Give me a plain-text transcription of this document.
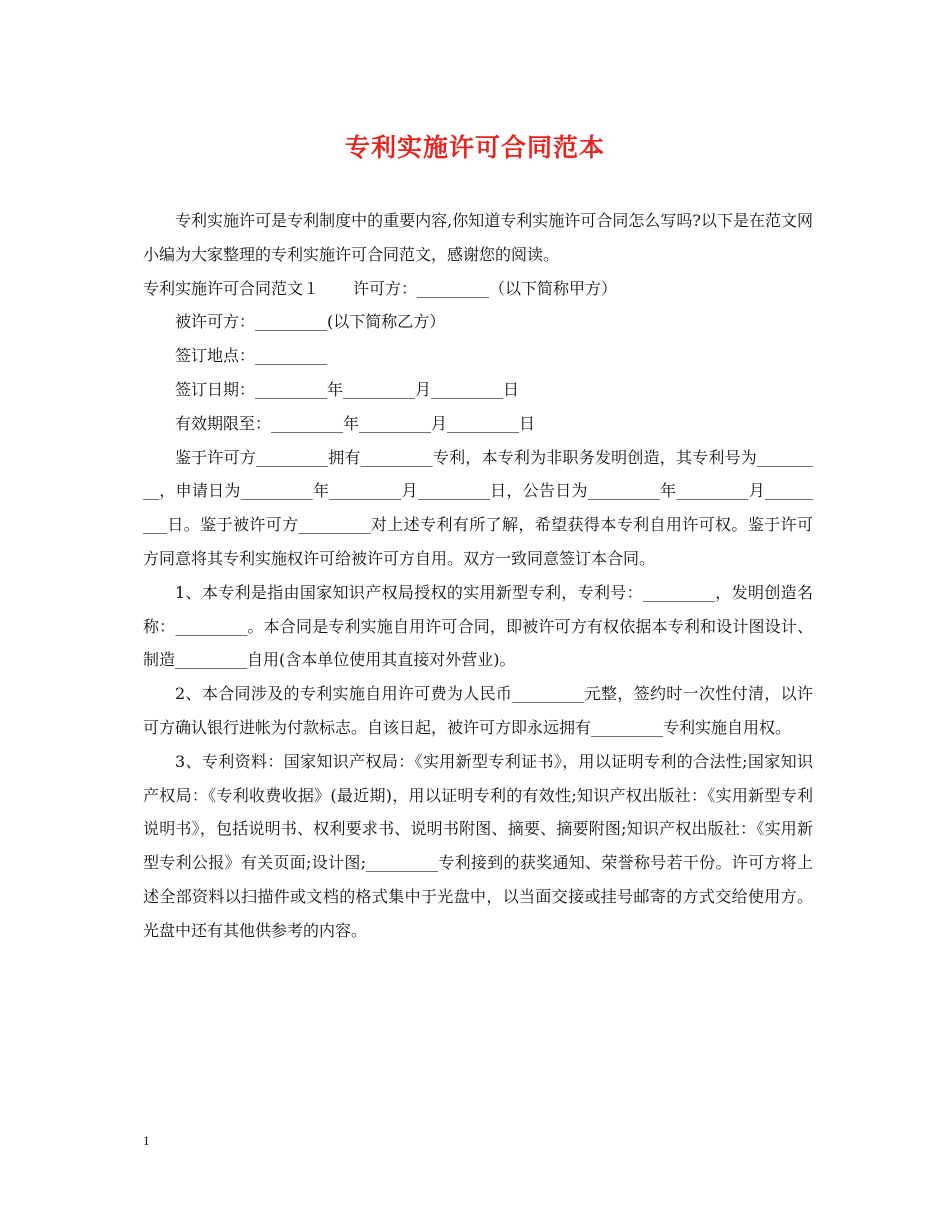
专利实施许可合同范本

专利实施许可是专利制度中的重要内容,你知道专利实施许可合同怎么写吗?以下是在范文网小编为大家整理的专利实施许可合同范文，感谢您的阅读。

专利实施许可合同范文１ 许可方：_________（以下简称甲方）

被许可方：_________(以下简称乙方）

签订地点：_________

签订日期：_________年_________月_________日

有效期限至：_________年_________月_________日

鉴于许可方_________拥有_________专利，本专利为非职务发明创造，其专利号为_________，申请日为_________年_________月_________日，公告日为_________年_________月_________日。鉴于被许可方_________对上述专利有所了解，希望获得本专利自用许可权。鉴于许可方同意将其专利实施权许可给被许可方自用。双方一致同意签订本合同。

1、本专利是指由国家知识产权局授权的实用新型专利，专利号：_________，发明创造名称：_________。本合同是专利实施自用许可合同，即被许可方有权依据本专利和设计图设计、制造_________自用(含本单位使用其直接对外营业)。

2、本合同涉及的专利实施自用许可费为人民币_________元整，签约时一次性付清，以许可方确认银行进帐为付款标志。自该日起，被许可方即永远拥有_________专利实施自用权。

3、专利资料：国家知识产权局：《实用新型专利证书》，用以证明专利的合法性;国家知识产权局：《专利收费收据》(最近期)，用以证明专利的有效性;知识产权出版社：《实用新型专利说明书》，包括说明书、权利要求书、说明书附图、摘要、摘要附图;知识产权出版社：《实用新型专利公报》有关页面;设计图;_________专利接到的获奖通知、荣誉称号若干份。许可方将上述全部资料以扫描件或文档的格式集中于光盘中，以当面交接或挂号邮寄的方式交给使用方。光盘中还有其他供参考的内容。

1
